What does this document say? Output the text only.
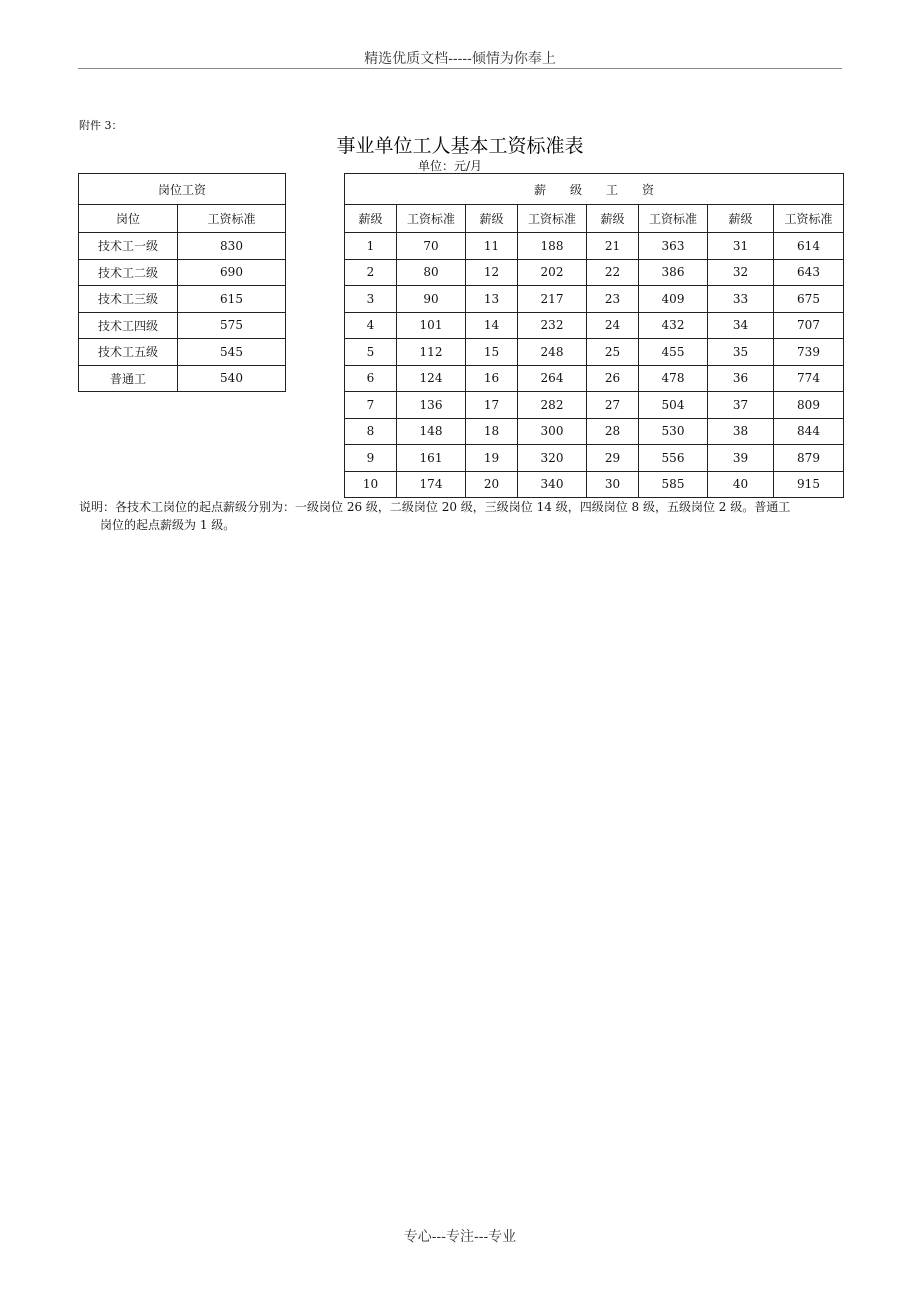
精选优质文档-----倾情为你奉上
附件 3：
事业单位工人基本工资标准表
单位：元/月
岗位工资	
岗位	工资标准
技术工一级	830
技术工二级	690
技术工三级	615
技术工四级	575
技术工五级	545
普通工	540
薪　　级　　工　　资							
薪级	工资标准	薪级	工资标准	薪级	工资标准	薪级	工资标准
1	70	11	188	21	363	31	614
2	80	12	202	22	386	32	643
3	90	13	217	23	409	33	675
4	101	14	232	24	432	34	707
5	112	15	248	25	455	35	739
6	124	16	264	26	478	36	774
7	136	17	282	27	504	37	809
8	148	18	300	28	530	38	844
9	161	19	320	29	556	39	879
10	174	20	340	30	585	40	915
说明：各技术工岗位的起点薪级分别为：一级岗位 26 级，二级岗位 20 级，三级岗位 14 级，四级岗位 8 级，五级岗位 2 级。普通工
岗位的起点薪级为 1 级。
专心---专注---专业
